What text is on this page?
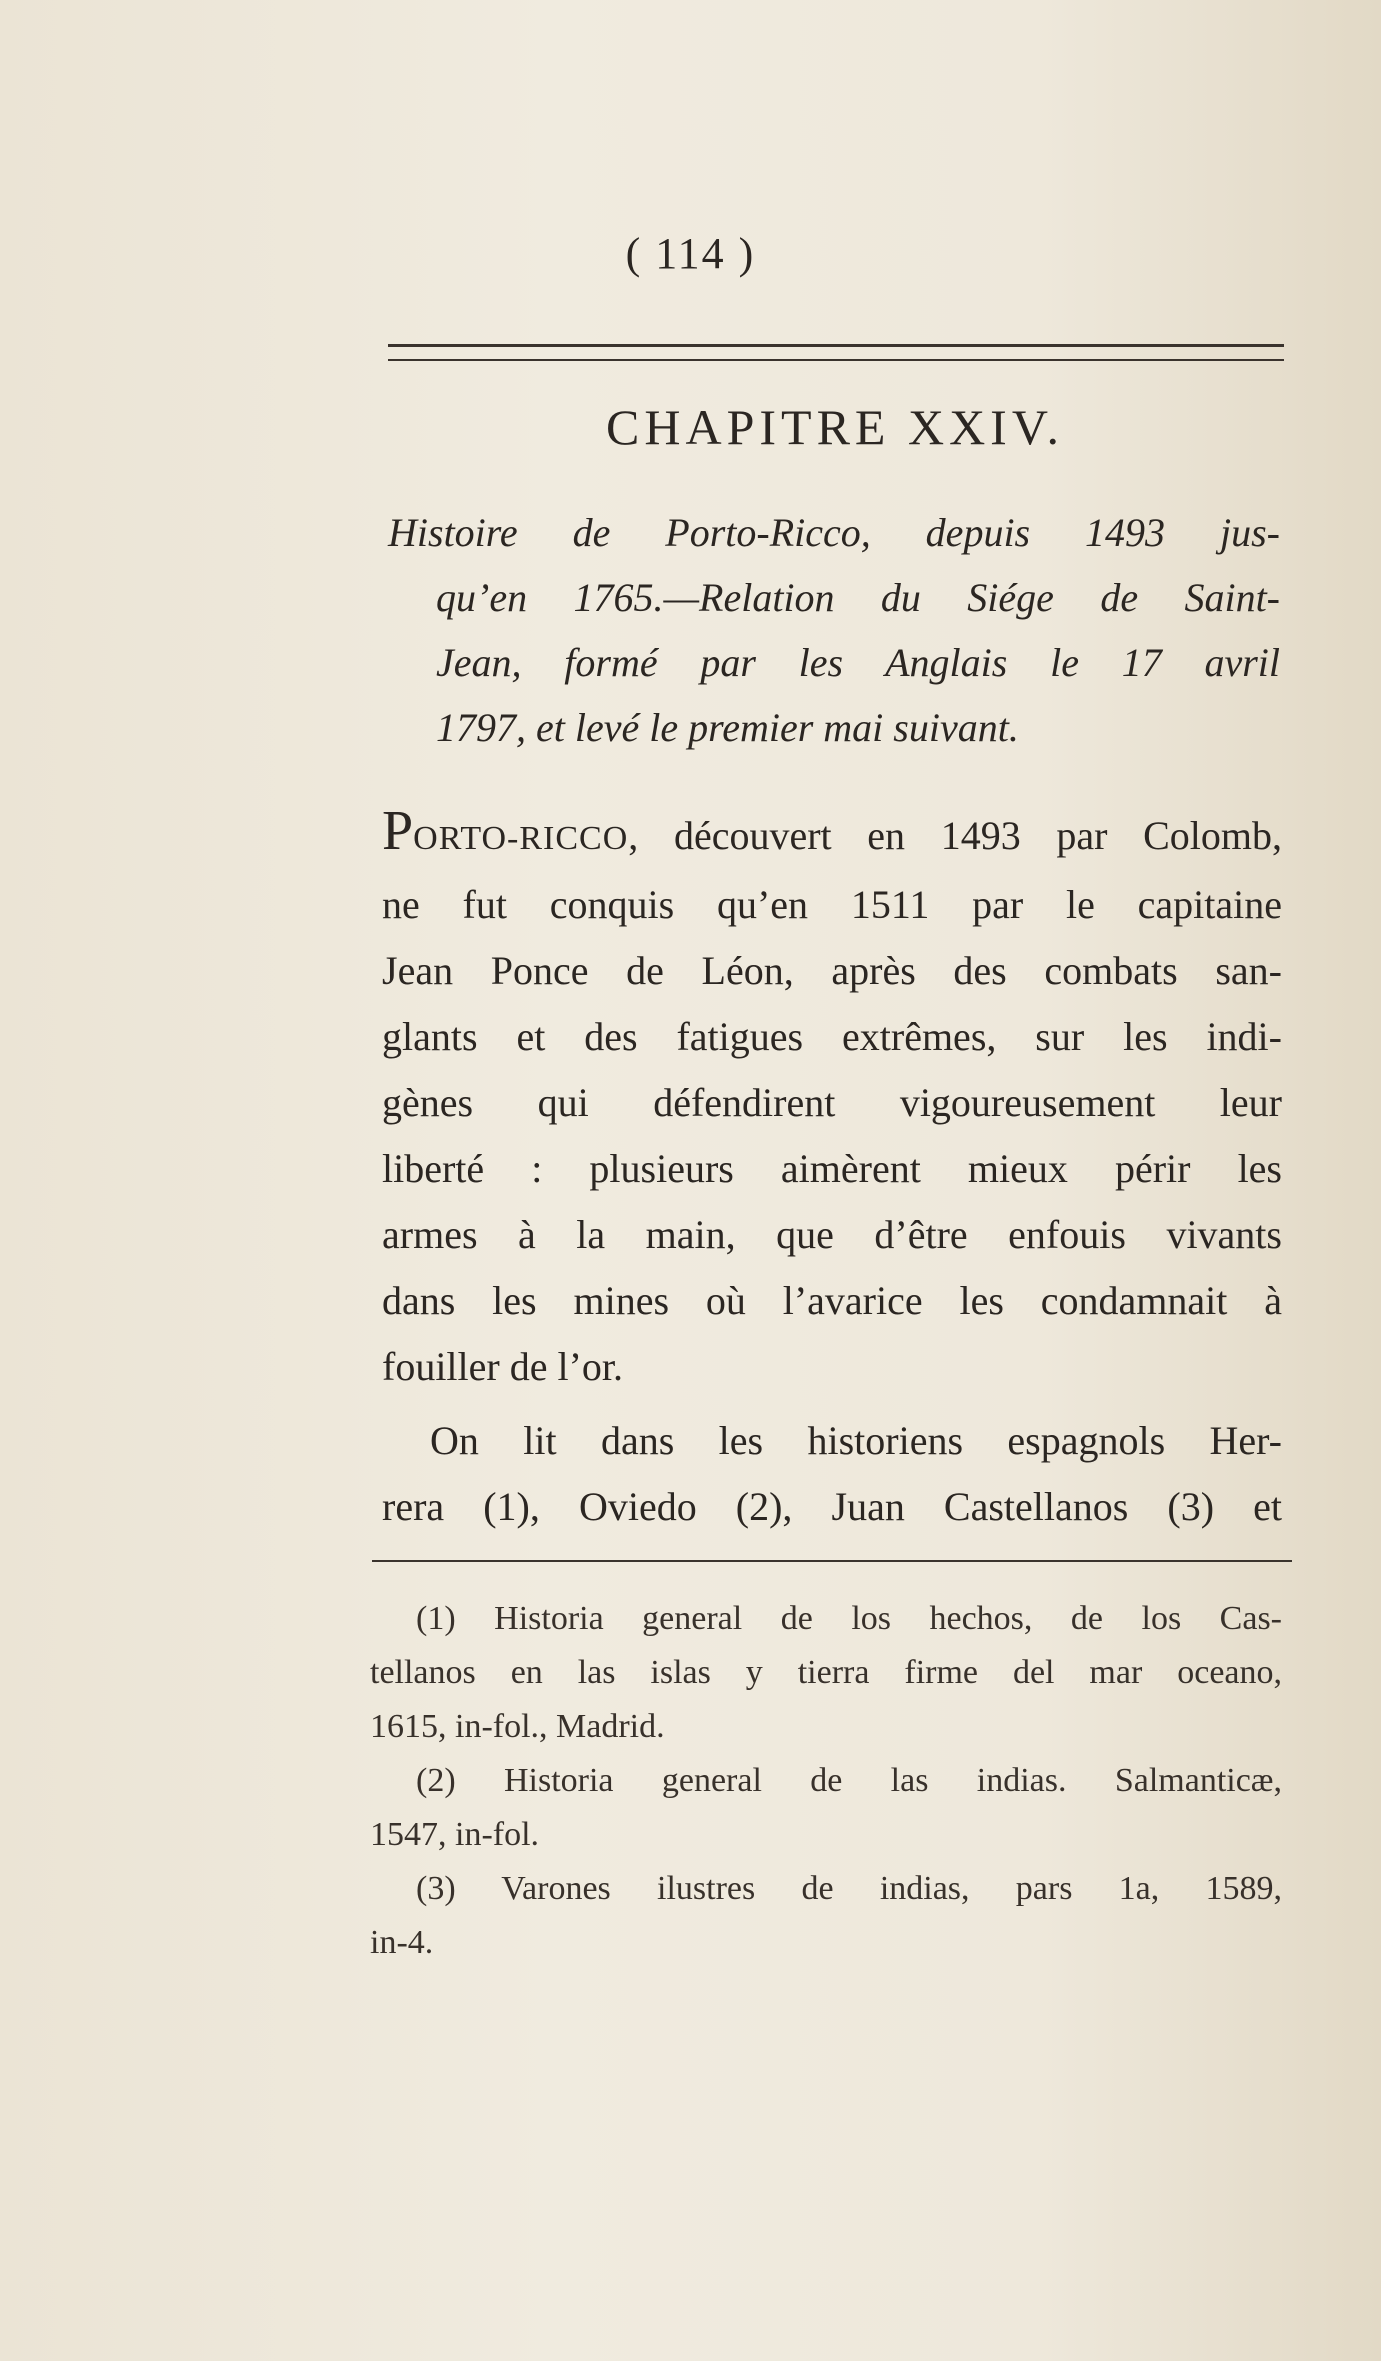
( 114 )
CHAPITRE XXIV.
Histoire de Porto-Ricco, depuis 1493 jus-
qu’en 1765.—Relation du Siége de Saint-
Jean, formé par les Anglais le 17 avril
1797, et levé le premier mai suivant.
PORTO-RICCO, découvert en 1493 par Colomb,
ne fut conquis qu’en 1511 par le capitaine
Jean Ponce de Léon, après des combats san-
glants et des fatigues extrêmes, sur les indi-
gènes qui défendirent vigoureusement leur
liberté : plusieurs aimèrent mieux périr les
armes à la main, que d’être enfouis vivants
dans les mines où l’avarice les condamnait à
fouiller de l’or.
On lit dans les historiens espagnols Her-
rera (1), Oviedo (2), Juan Castellanos (3) et
(1) Historia general de los hechos, de los Cas-
tellanos en las islas y tierra firme del mar oceano,
1615, in-fol., Madrid.
(2) Historia general de las indias. Salmanticæ,
1547, in-fol.
(3) Varones ilustres de indias, pars 1a, 1589,
in-4.
